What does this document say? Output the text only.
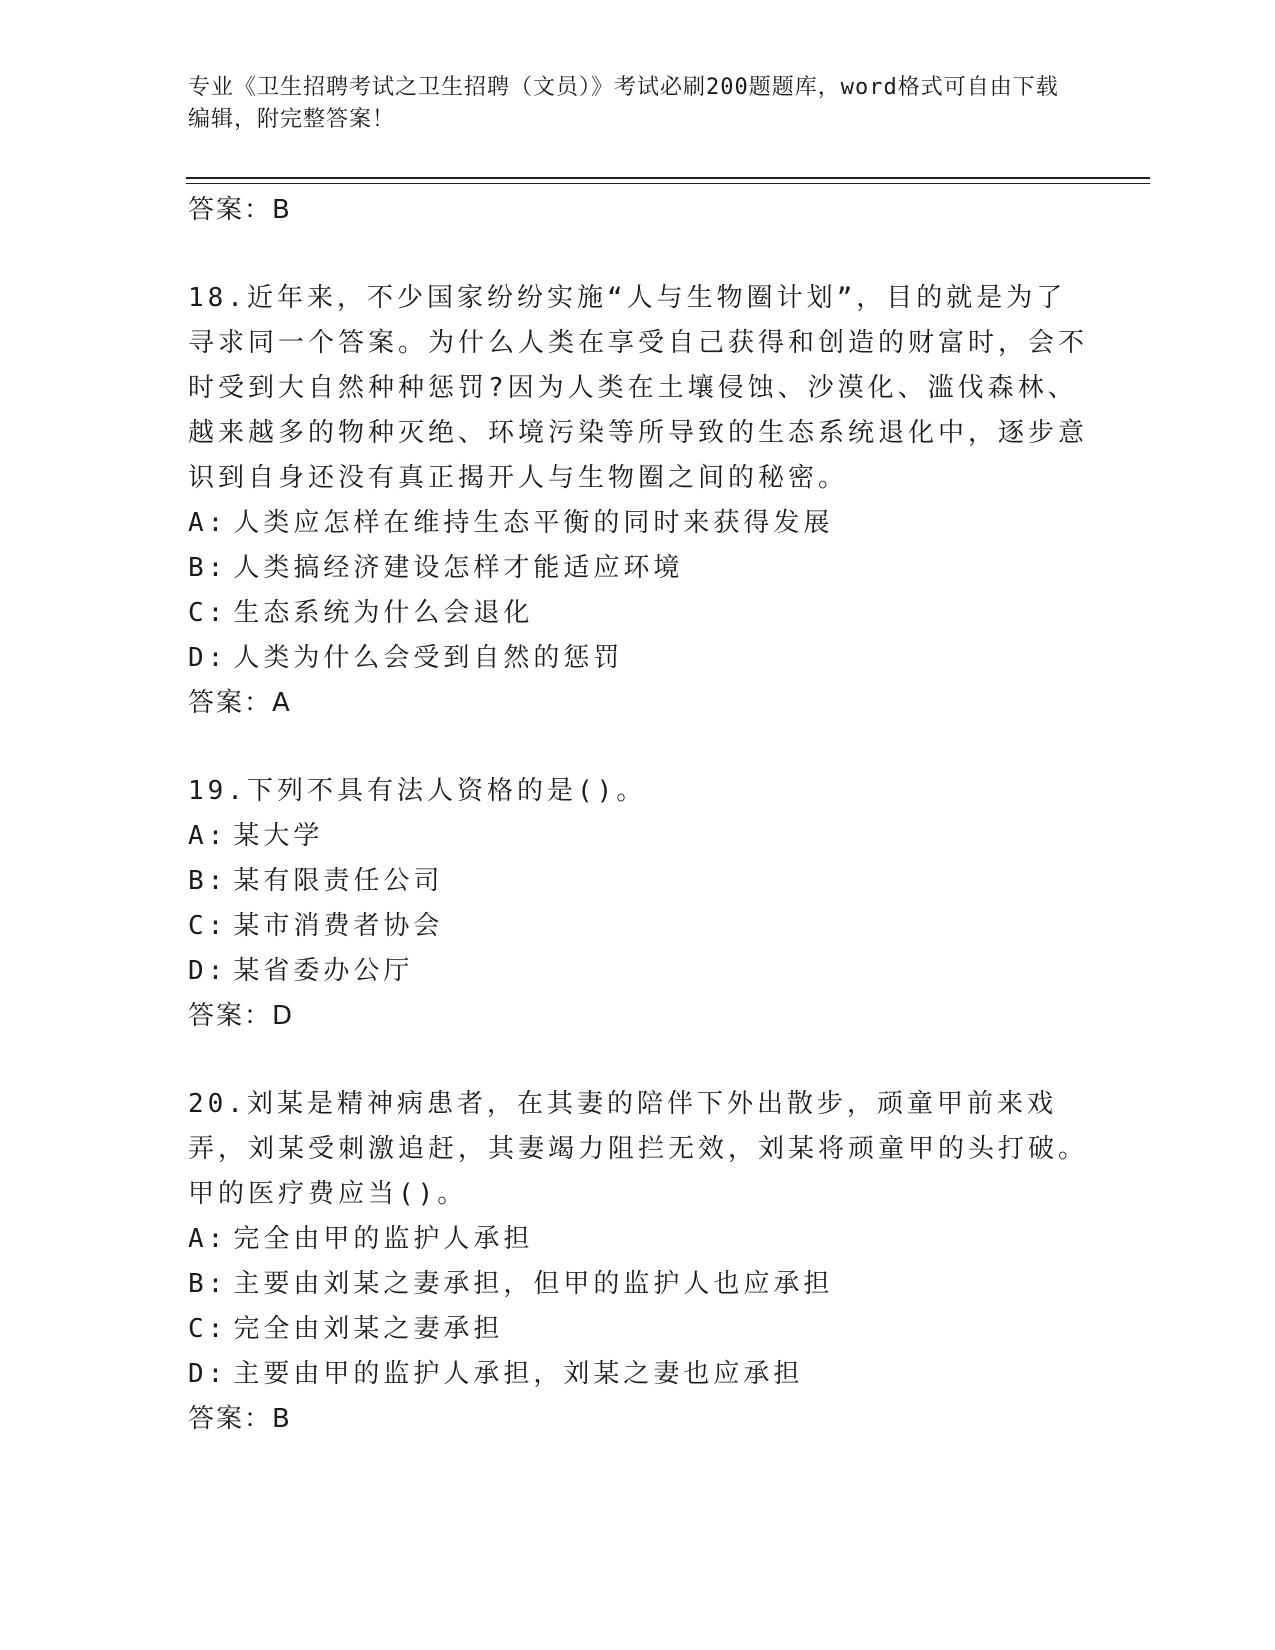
专业《卫生招聘考试之卫生招聘（文员）》考试必刷200题题库，word格式可自由下载编辑，附完整答案！

答案：B

18.近年来，不少国家纷纷实施“人与生物圈计划”，目的就是为了寻求同一个答案。为什么人类在享受自己获得和创造的财富时，会不时受到大自然种种惩罚?因为人类在土壤侵蚀、沙漠化、滥伐森林、越来越多的物种灭绝、环境污染等所导致的生态系统退化中，逐步意识到自身还没有真正揭开人与生物圈之间的秘密。

A: 人类应怎样在维持生态平衡的同时来获得发展

B: 人类搞经济建设怎样才能适应环境

C: 生态系统为什么会退化

D: 人类为什么会受到自然的惩罚

答案：A

19.下列不具有法人资格的是()。

A: 某大学

B: 某有限责任公司

C: 某市消费者协会

D: 某省委办公厅

答案：D

20.刘某是精神病患者，在其妻的陪伴下外出散步，顽童甲前来戏弄，刘某受刺激追赶，其妻竭力阻拦无效，刘某将顽童甲的头打破。甲的医疗费应当()。

A: 完全由甲的监护人承担

B: 主要由刘某之妻承担，但甲的监护人也应承担

C: 完全由刘某之妻承担

D: 主要由甲的监护人承担，刘某之妻也应承担

答案：B
